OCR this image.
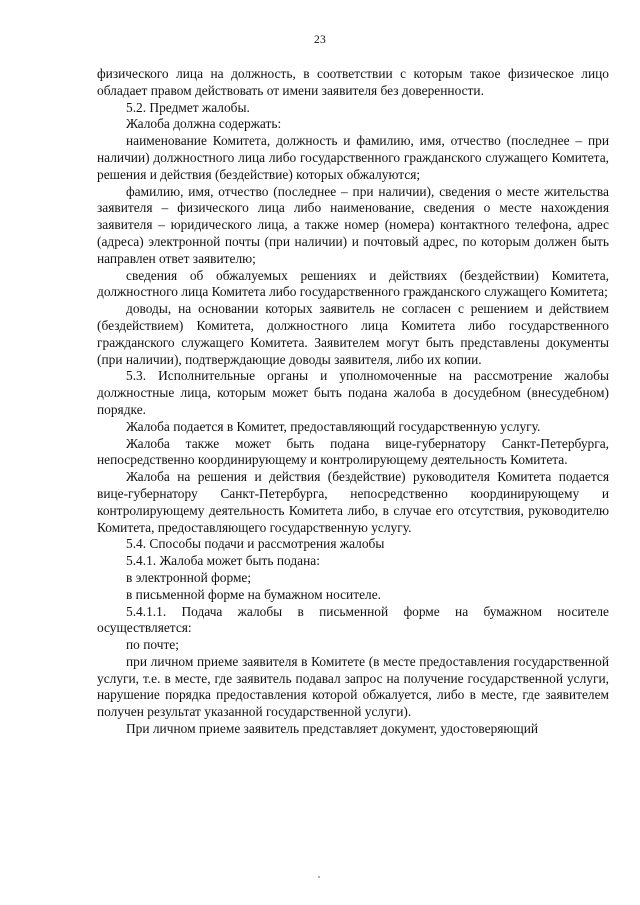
23

физического лица на должность, в соответствии с которым такое физическое лицо обладает правом действовать от имени заявителя без доверенности.

5.2. Предмет жалобы.

Жалоба должна содержать:

наименование Комитета, должность и фамилию, имя, отчество (последнее – при наличии) должностного лица либо государственного гражданского служащего Комитета, решения и действия (бездействие) которых обжалуются;

фамилию, имя, отчество (последнее – при наличии), сведения о месте жительства заявителя – физического лица либо наименование, сведения о месте нахождения заявителя – юридического лица, а также номер (номера) контактного телефона, адрес (адреса) электронной почты (при наличии) и почтовый адрес, по которым должен быть направлен ответ заявителю;

сведения об обжалуемых решениях и действиях (бездействии) Комитета, должностного лица Комитета либо государственного гражданского служащего Комитета;

доводы, на основании которых заявитель не согласен с решением и действием (бездействием) Комитета, должностного лица Комитета либо государственного гражданского служащего Комитета. Заявителем могут быть представлены документы (при наличии), подтверждающие доводы заявителя, либо их копии.

5.3. Исполнительные органы и уполномоченные на рассмотрение жалобы должностные лица, которым может быть подана жалоба в досудебном (внесудебном) порядке.

Жалоба подается в Комитет, предоставляющий государственную услугу.

Жалоба также может быть подана вице-губернатору Санкт-Петербурга, непосредственно координирующему и контролирующему деятельность Комитета.

Жалоба на решения и действия (бездействие) руководителя Комитета подается вице-губернатору Санкт-Петербурга, непосредственно координирующему и контролирующему деятельность Комитета либо, в случае его отсутствия, руководителю Комитета, предоставляющего государственную услугу.

5.4. Способы подачи и рассмотрения жалобы

5.4.1. Жалоба может быть подана:

в электронной форме;

в письменной форме на бумажном носителе.

5.4.1.1. Подача жалобы в письменной форме на бумажном носителе осуществляется:

по почте;

при личном приеме заявителя в Комитете (в месте предоставления государственной услуги, т.е. в месте, где заявитель подавал запрос на получение государственной услуги, нарушение порядка предоставления которой обжалуется, либо в месте, где заявителем получен результат указанной государственной услуги).

При личном приеме заявитель представляет документ, удостоверяющий
